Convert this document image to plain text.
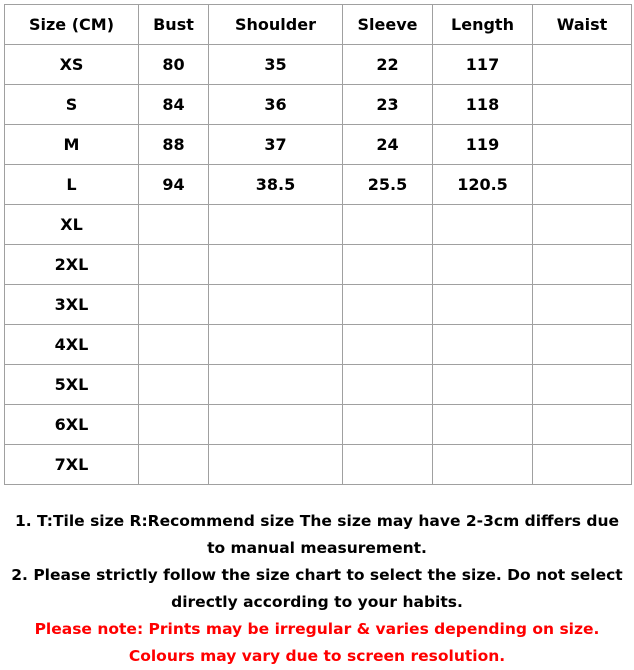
Size (CM)	Bust	Shoulder	Sleeve	Length	Waist
XS	80	35	22	117	
S	84	36	23	118	
M	88	37	24	119	
L	94	38.5	25.5	120.5	
XL					
2XL					
3XL					
4XL					
5XL					
6XL					
7XL					

1. T:Tile size R:Recommend size The size may have 2-3cm differs due to manual measurement.

2. Please strictly follow the size chart to select the size. Do not select directly according to your habits.

Please note: Prints may be irregular & varies depending on size.

Colours may vary due to screen resolution.
